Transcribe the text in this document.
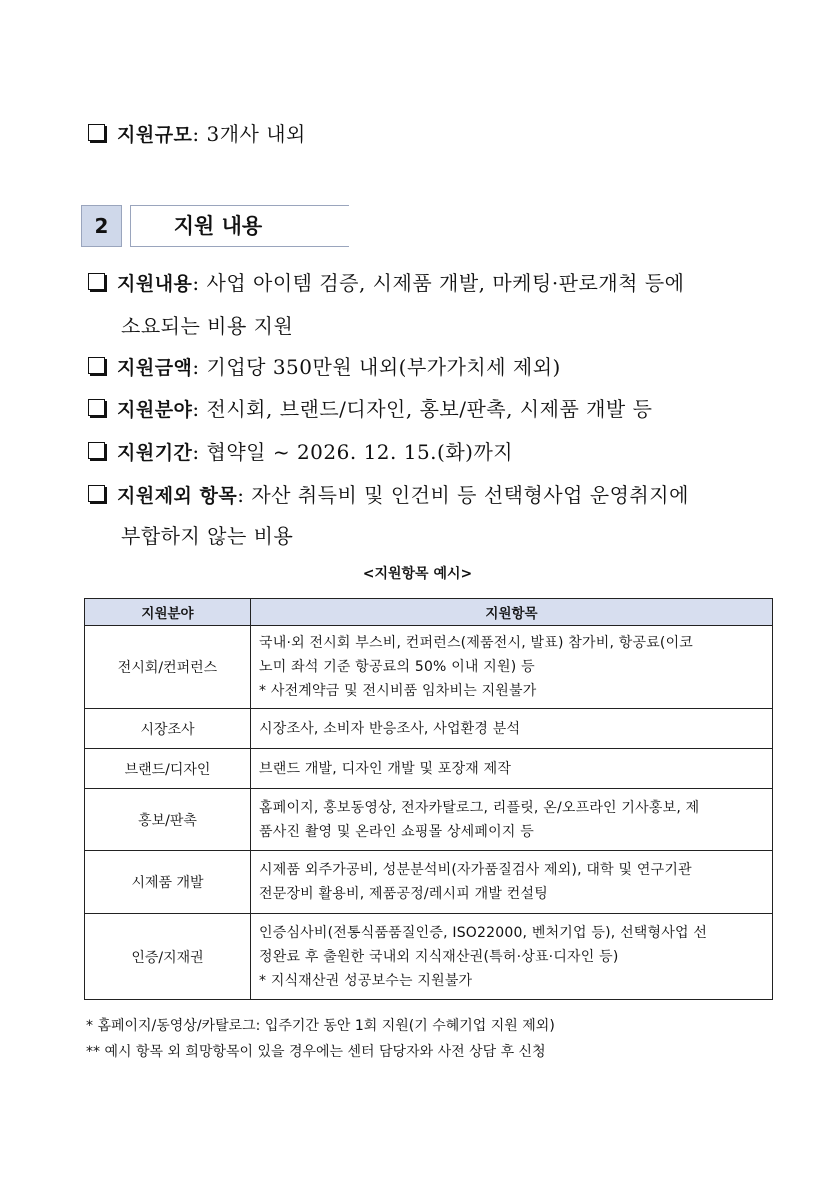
지원규모: 3개사 내외
2	지원 내용
지원내용: 사업 아이템 검증, 시제품 개발, 마케팅·판로개척 등에
소요되는 비용 지원
지원금액: 기업당 350만원 내외(부가가치세 제외)
지원분야: 전시회, 브랜드/디자인, 홍보/판촉, 시제품 개발 등
지원기간: 협약일 ~ 2026. 12. 15.(화)까지
지원제외 항목: 자산 취득비 및 인건비 등 선택형사업 운영취지에
부합하지 않는 비용
<지원항목 예시>
지원분야	지원항목
전시회/컨퍼런스	국내·외 전시회 부스비, 컨퍼런스(제품전시, 발표) 참가비, 항공료(이코
노미 좌석 기준 항공료의 50% 이내 지원) 등
* 사전계약금 및 전시비품 임차비는 지원불가

시장조사	시장조사, 소비자 반응조사, 사업환경 분석

브랜드/디자인	브랜드 개발, 디자인 개발 및 포장재 제작

홍보/판촉	홈페이지, 홍보동영상, 전자카탈로그, 리플릿, 온/오프라인 기사홍보, 제
품사진 촬영 및 온라인 쇼핑몰 상세페이지 등

시제품 개발	시제품 외주가공비, 성분분석비(자가품질검사 제외), 대학 및 연구기관
전문장비 활용비, 제품공정/레시피 개발 컨설팅

인증/지재권	인증심사비(전통식품품질인증, ISO22000, 벤처기업 등), 선택형사업 선
정완료 후 출원한 국내외 지식재산권(특허·상표·디자인 등)
* 지식재산권 성공보수는 지원불가
* 홈페이지/동영상/카탈로그: 입주기간 동안 1회 지원(기 수혜기업 지원 제외)
** 예시 항목 외 희망항목이 있을 경우에는 센터 담당자와 사전 상담 후 신청
